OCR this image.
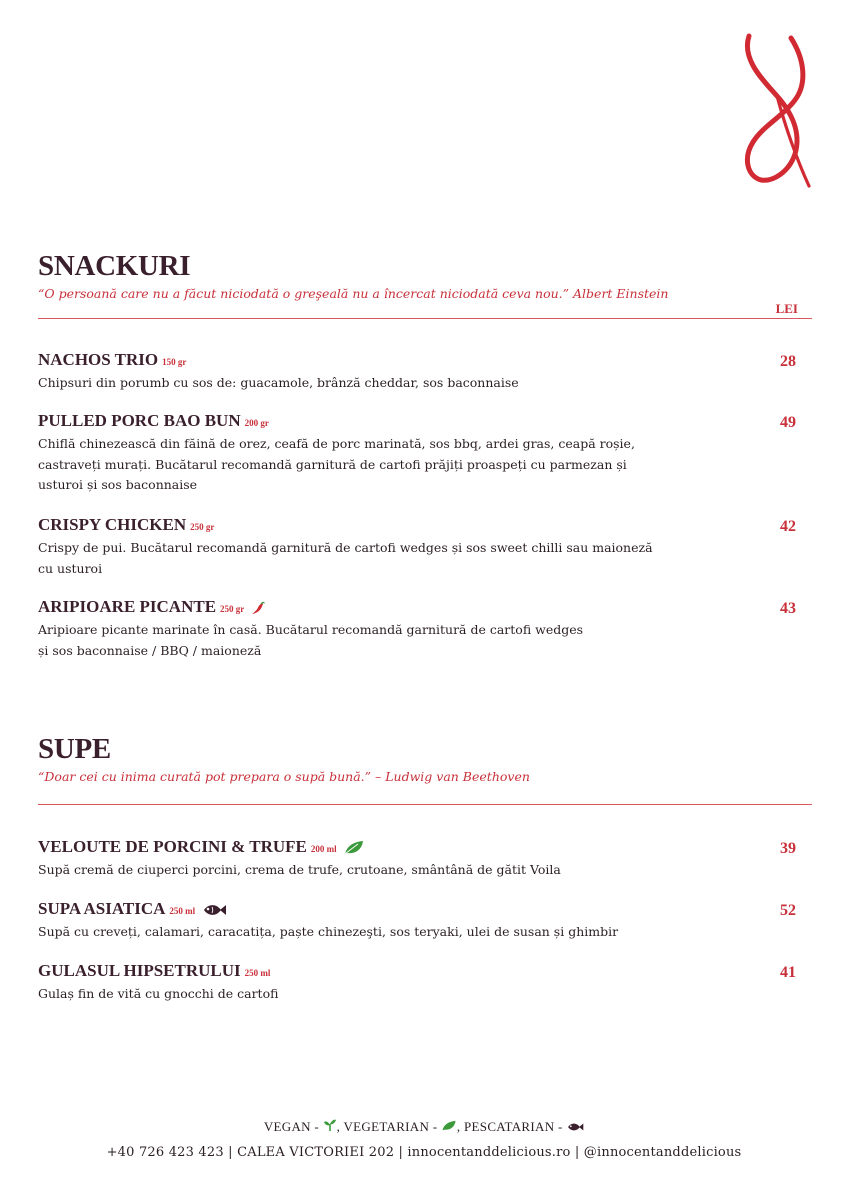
SNACKURI
“O persoană care nu a făcut niciodată o greşeală nu a încercat niciodată ceva nou.” Albert Einstein
LEI
NACHOS TRIO 150 gr
Chipsuri din porumb cu sos de: guacamole, brânză cheddar, sos baconnaise
28
PULLED PORC BAO BUN 200 gr
Chiflă chinezească din făină de orez, ceafă de porc marinată, sos bbq, ardei gras, ceapă roșie,
castraveți murați. Bucătarul recomandă garnitură de cartofi prăjiți proaspeți cu parmezan și
usturoi și sos baconnaise
49
CRISPY CHICKEN 250 gr
Crispy de pui. Bucătarul recomandă garnitură de cartofi wedges și sos sweet chilli sau maioneză
cu usturoi
42
ARIPIOARE PICANTE 250 gr
Aripioare picante marinate în casă. Bucătarul recomandă garnitură de cartofi wedges
și sos baconnaise / BBQ / maioneză
43
SUPE
“Doar cei cu inima curată pot prepara o supă bună.” – Ludwig van Beethoven
VELOUTE DE PORCINI & TRUFE 200 ml
Supă cremă de ciuperci porcini, crema de trufe, crutoane, smântână de gătit Voila
39
SUPA ASIATICA 250 ml
Supă cu creveți, calamari, caracatița, paște chinezeşti, sos teryaki, ulei de susan și ghimbir
52
GULASUL HIPSETRULUI 250 ml
Gulaș fin de vită cu gnocchi de cartofi
41
VEGAN - , VEGETARIAN - , PESCATARIAN -
+40 726 423 423 | CALEA VICTORIEI 202 | innocentanddelicious.ro | @innocentanddelicious
